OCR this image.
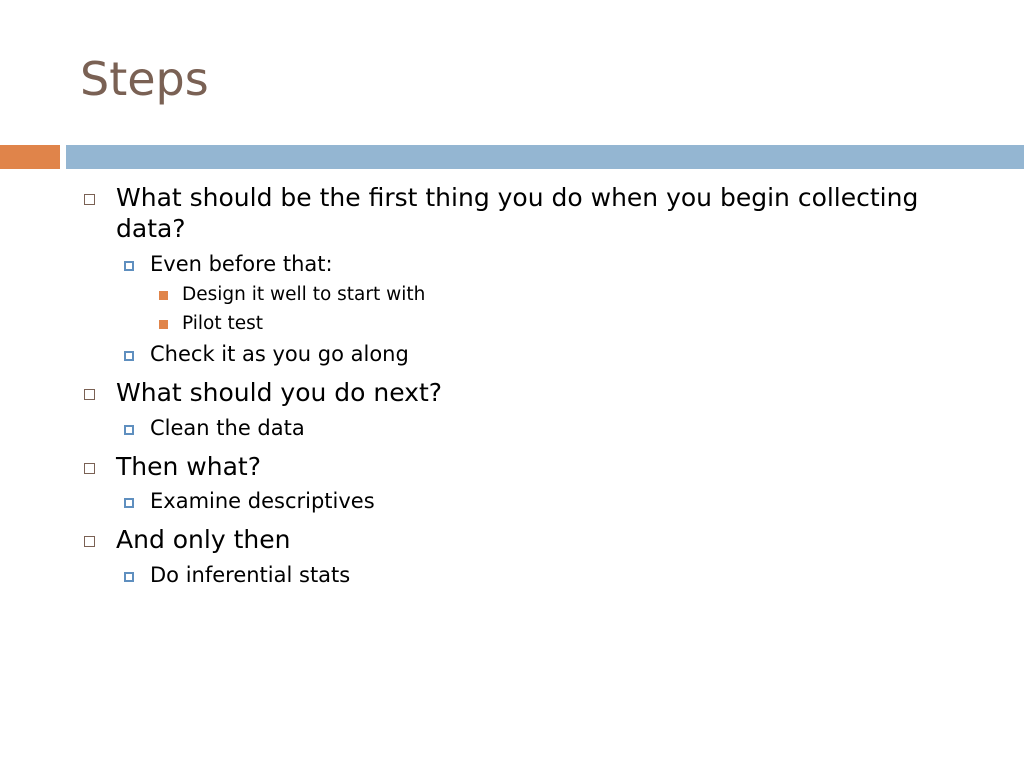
Steps
What should be the first thing you do when you begin collecting data?
Even before that:
Design it well to start with
Pilot test
Check it as you go along
What should you do next?
Clean the data
Then what?
Examine descriptives
And only then
Do inferential stats
